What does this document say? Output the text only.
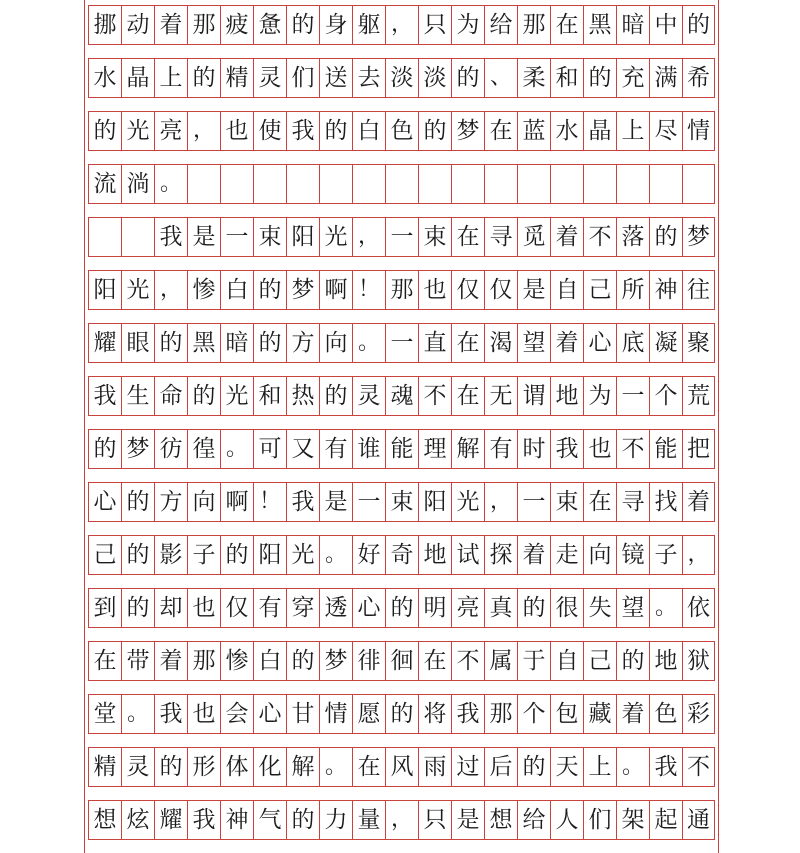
挪 动 着 那 疲 惫 的 身 躯 ， 只 为 给 那 在 黑 暗 中 的
水 晶 上 的 精 灵 们 送 去 淡 淡 的 、 柔 和 的 充 满 希
的 光 亮 ， 也 使 我 的 白 色 的 梦 在 蓝 水 晶 上 尽 情
流 淌 。
我 是 一 束 阳 光 ， 一 束 在 寻 觅 着 不 落 的 梦
阳 光 ， 惨 白 的 梦 啊 ！ 那 也 仅 仅 是 自 己 所 神 往
耀 眼 的 黑 暗 的 方 向 。 一 直 在 渴 望 着 心 底 凝 聚
我 生 命 的 光 和 热 的 灵 魂 不 在 无 谓 地 为 一 个 荒
的 梦 彷 徨 。 可 又 有 谁 能 理 解 有 时 我 也 不 能 把
心 的 方 向 啊 ！ 我 是 一 束 阳 光 ， 一 束 在 寻 找 着
己 的 影 子 的 阳 光 。 好 奇 地 试 探 着 走 向 镜 子 ，
到 的 却 也 仅 有 穿 透 心 的 明 亮 真 的 很 失 望 。 依
在 带 着 那 惨 白 的 梦 徘 徊 在 不 属 于 自 己 的 地 狱
堂 。 我 也 会 心 甘 情 愿 的 将 我 那 个 包 藏 着 色 彩
精 灵 的 形 体 化 解 。 在 风 雨 过 后 的 天 上 。 我 不
想 炫 耀 我 神 气 的 力 量 ， 只 是 想 给 人 们 架 起 通
